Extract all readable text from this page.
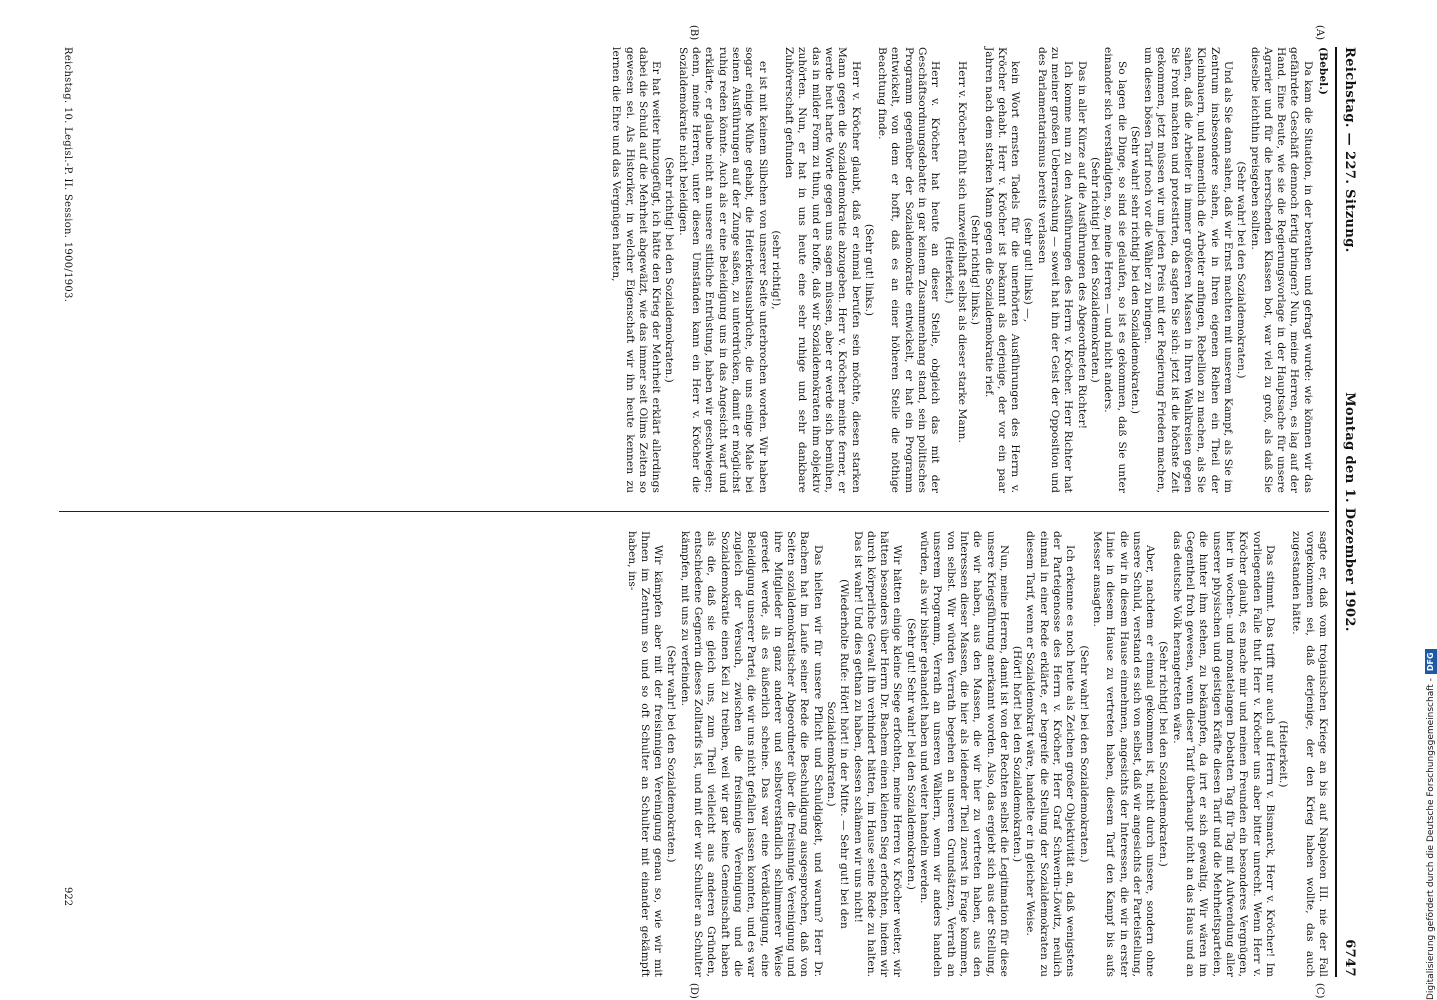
Reichstag. — 227. Sitzung.
Montag den 1. Dezember 1902.
6747
(A)
(B)
(C)
(D)
(Bebel.)

Da kam die Situation, in der berathen und gefragt wurde: wie können wir das gefährdete Geschäft dennoch fertig bringen? Nun, meine Herren, es lag auf der Hand. Eine Beute, wie sie die Regierungsvorlage in der Hauptsache für unsere Agrarier und für die herrschenden Klassen bot, war viel zu groß, als daß Sie dieselbe leichthin preisgeben sollten.

(Sehr wahr! bei den Sozialdemokraten.)

Und als Sie dann sahen, daß wir Ernst machten mit unserem Kampf, als Sie im Zentrum insbesondere sahen, wie in Ihren eigenen Reihen ein Theil der Kleinbauern, und namentlich die Arbeiter anfingen, Rebellion zu machen, als Sie sahen, daß die Arbeiter in immer größeren Massen in Ihren Wahlkreisen gegen Sie Front machten und protestirten, da sagten Sie sich: jetzt ist die höchste Zeit gekommen, jetzt müssen wir um jeden Preis mit der Regierung Frieden machen, um diesen bösen Tarif noch vor die Wähler zu bringen.

(Sehr wahr! sehr richtig! bei den Sozialdemokraten.)

So lagen die Dinge, so sind sie gelaufen, so ist es gekommen, daß Sie unter einander sich verständigten, so, meine Herren — und nicht anders.

(Sehr richtig! bei den Sozialdemokraten.)

Das in aller Kürze auf die Ausführungen des Abgeordneten Richter!

Ich komme nun zu den Ausführungen des Herrn v. Kröcher. Herr Richter hat zu meiner großen Ueberraschung — soweit hat ihn der Geist der Opposition und des Parlamentarismus bereits verlassen

(sehr gut! links) —,

kein Wort ernsten Tadels für die unerhörten Ausführungen des Herrn v. Kröcher gehabt. Herr v. Kröcher ist bekannt als derjenige, der vor ein paar Jahren nach dem starken Mann gegen die Sozialdemokratie rief.

(Sehr richtig! links.)

Herr v. Kröcher fühlt sich unzweifelhaft selbst als dieser starke Mann.

(Heiterkeit.)

Herr v. Kröcher hat heute an dieser Stelle, obgleich das mit der Geschäftsordnungsdebatte in gar keinem Zusammenhang stand, sein politisches Programm gegenüber der Sozialdemokratie entwickelt, er hat ein Programm entwickelt, von dem er hofft, daß es an einer höheren Stelle die nöthige Beachtung finde.

(Sehr gut! links.)

Herr v. Kröcher glaubt, daß er einmal berufen sein möchte, diesen starken Mann gegen die Sozialdemokratie abzugeben. Herr v. Kröcher meinte ferner, er werde heut harte Worte gegen uns sagen müssen, aber er werde sich bemühen, das in milder Form zu thun, und er hoffe, daß wir Sozialdemokraten ihm objektiv zuhörten. Nun, er hat in uns heute eine sehr ruhige und sehr dankbare Zuhörerschaft gefunden

(sehr richtig!),

er ist mit keinem Silbchen von unserer Seite unterbrochen worden. Wir haben sogar einige Mühe gehabt, die Heiterkeitsausbrüche, die uns einige Male bei seinen Ausführungen auf der Zunge saßen, zu unterdrücken, damit er möglichst ruhig reden könnte. Auch als er eine Beleidigung uns in das Angesicht warf und erklärte, er glaube nicht an unsere sittliche Entrüstung, haben wir geschwiegen; denn, meine Herren, unter diesen Umständen kann ein Herr v. Kröcher die Sozialdemokratie nicht beleidigen.

(Sehr richtig! bei den Sozialdemokraten.)

Er hat weiter hinzugefügt, ich hätte den Krieg der Mehrheit erklärt allerdings dabei die Schuld auf die Mehrheit abgewälzt, wie das immer seit Olims Zeiten so gewesen sei. Als Historiker, in welcher Eigenschaft wir ihn heute kennen zu lernen die Ehre und das Vergnügen hatten,

sagte er, daß vom trojanischen Kriege an bis auf Napoleon III. nie der Fall vorgekommen sei, daß derjenige, der den Krieg haben wollte, das auch zugestanden hätte.

(Heiterkeit.)

Das stimmt. Das trifft nur auch auf Herrn v. Bismarck, Herr v. Kröcher! Im vorliegenden Falle thut Herr v. Kröcher uns aber bitter unrecht. Wenn Herr v. Kröcher glaubt, es mache mir und meinen Freunden ein besonderes Vergnügen, hier in wochen- und monatelangen Debatten Tag für Tag mit Aufwendung aller unserer physischen und geistigen Kräfte diesen Tarif und die Mehrheitsparteien, die hinter ihm stehen, zu bekämpfen, da irrt er sich gewaltig. Wir wären im Gegentheil froh gewesen, wenn dieser Tarif überhaupt nicht an das Haus und an das deutsche Volk herangetreten wäre.

(Sehr richtig! bei den Sozialdemokraten.)

Aber, nachdem er einmal gekommen ist, nicht durch unsere, sondern ohne unsere Schuld, verstand es sich von selbst, daß wir angesichts der Parteistellung, die wir in diesem Hause einnehmen, angesichts der Interessen, die wir in erster Linie in diesem Hause zu vertreten haben, diesem Tarif den Kampf bis aufs Messer ansagten.

(Sehr wahr! bei den Sozialdemokraten.)

Ich erkenne es noch heute als Zeichen großer Objektivität an, daß wenigstens der Parteigenosse des Herrn v. Kröcher, Herr Graf Schwerin-Löwitz, neulich einmal in einer Rede erklärte, er begreife die Stellung der Sozialdemokraten zu diesem Tarif, wenn er Sozialdemokrat wäre, handelte er in gleicher Weise.

(Hört! hört! bei den Sozialdemokraten.)

Nun, meine Herren, damit ist von der Rechten selbst die Legitimation für diese unsere Kriegsführung anerkannt worden. Also, das ergiebt sich aus der Stellung, die wir haben, aus den Massen, die wir hier zu vertreten haben, aus den Interessen dieser Massen, die hier als leidender Theil zuerst in Frage kommen, von selbst. Wir würden Verrath begehen an unseren Grundsätzen, Verrath an unserem Programm, Verrath an unseren Wählern, wenn wir anders handeln würden, als wir bisher gehandelt haben und weiter handeln werden.

(Sehr gut! Sehr wahr! bei den Sozialdemokraten.)

Wir hätten einige kleine Siege erfochten, meine Herren v. Kröcher weiter, wir hätten besonders über Herrn Dr. Bachem einen kleinen Sieg erfochten, indem wir durch körperliche Gewalt ihn verhindert hätten, im Hause seine Rede zu halten. Das ist wahr! Und dies gethan zu haben, dessen schämen wir uns nicht!

(Wiederholte Rufe: Hört! hört! in der Mitte. — Sehr gut! bei den Sozialdemokraten.)

Das hielten wir für unsere Pflicht und Schuldigkeit, und warum? Herr Dr. Bachem hat im Laufe seiner Rede die Beschuldigung ausgesprochen, daß von Seiten sozialdemokratischer Abgeordneter über die freisinnige Vereinigung und ihre Mitglieder in ganz anderer und selbstverständlich schlimmerer Weise geredet werde, als es äußerlich scheine. Das war eine Verdächtigung, eine Beleidigung unserer Partei, die wir uns nicht gefallen lassen konnten, und es war zugleich der Versuch, zwischen die freisinnige Vereinigung und die Sozialdemokratie einen Keil zu treiben, weil wir gar keine Gemeinschaft haben als die, daß sie gleich uns, zum Theil vielleicht aus anderen Gründen, entschiedene Gegnerin dieses Zolltarifs ist, und mit der wir Schulter an Schulter kämpfen, mit uns zu verfeinden.

(Sehr wahr! bei den Sozialdemokraten.)

Wir kämpfen aber mit der freisinnigen Vereinigung genau so, wie wir mit Ihnen im Zentrum so und so oft Schulter an Schulter mit einander gekämpft haben, ins-

Reichstag. 10. Legisl.-P. II. Session. 1900/1903.
922	Digitalisierung gefördert durch die Deutsche Forschungsgemeinschaft -DFG
